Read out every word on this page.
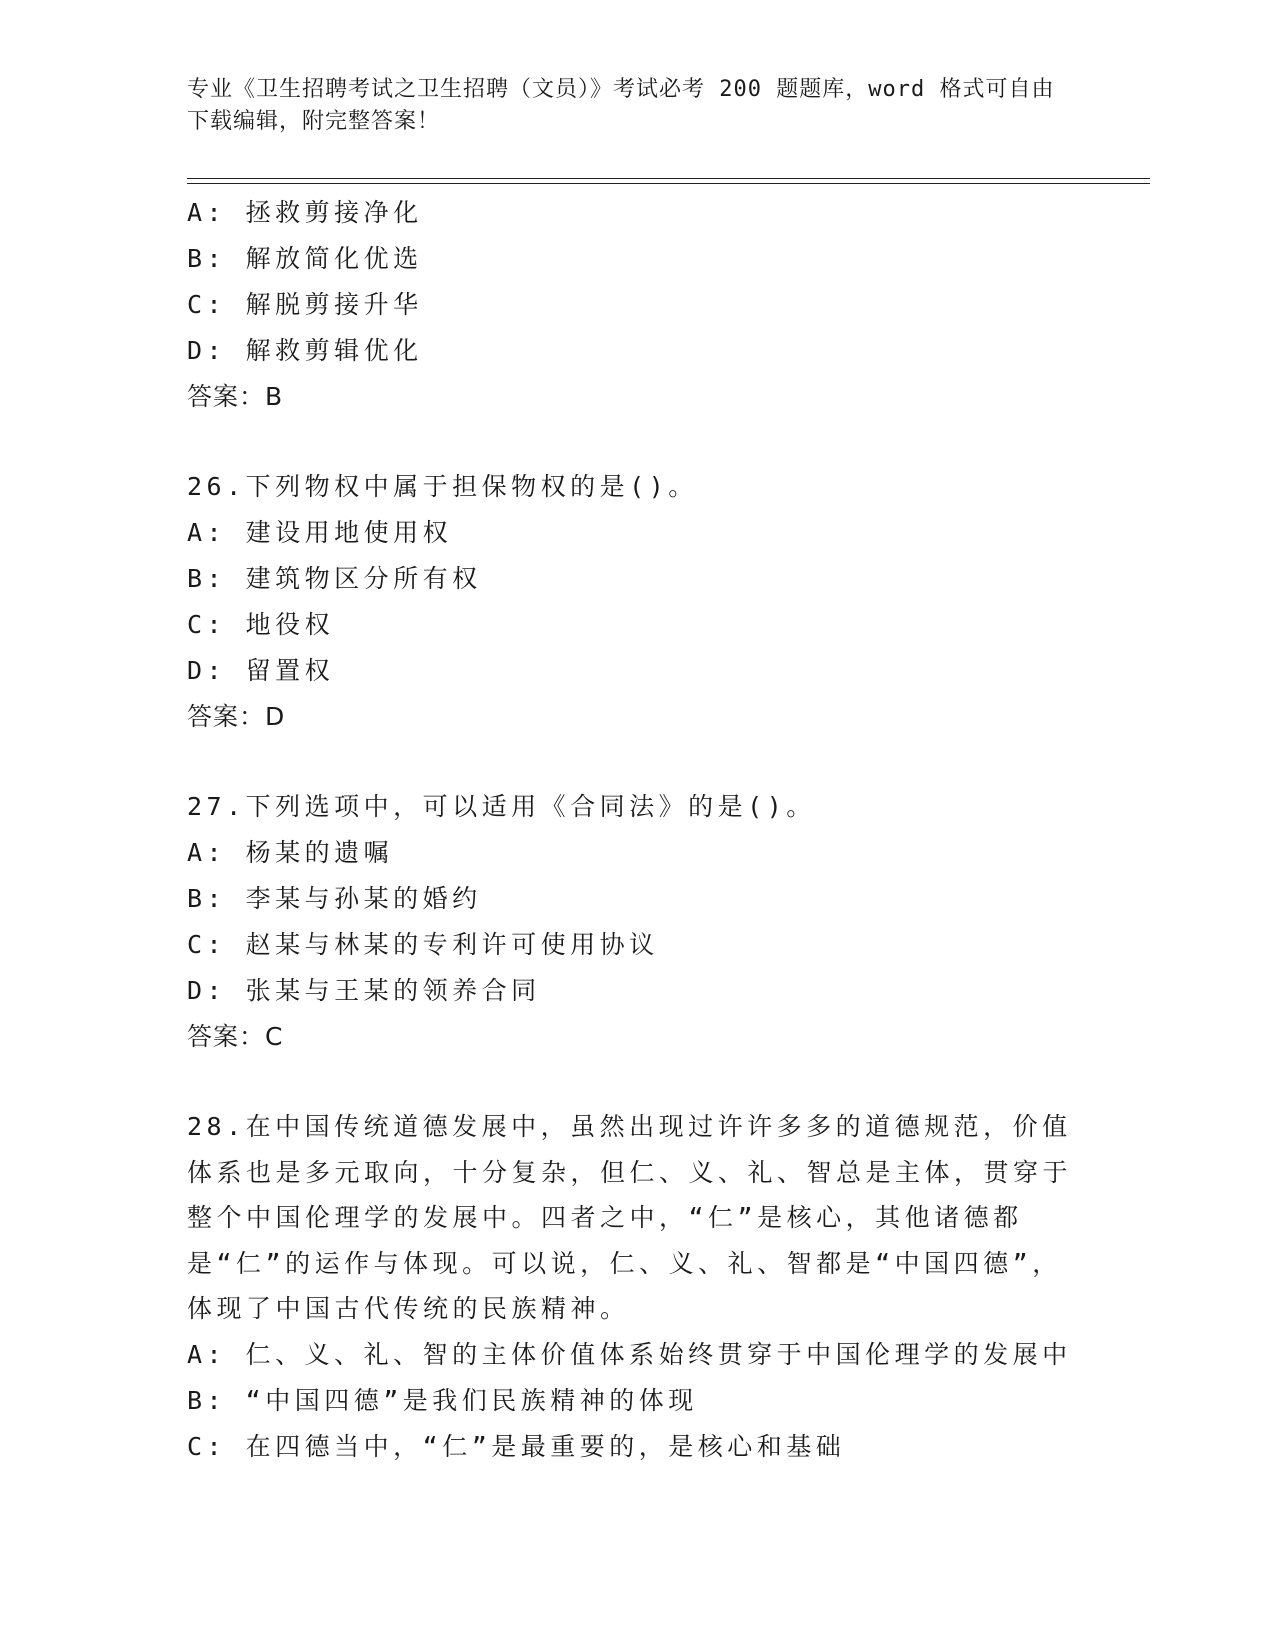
专业《卫生招聘考试之卫生招聘（文员）》考试必考 200 题题库，word 格式可自由下载编辑，附完整答案！
A: 拯救剪接净化
B: 解放简化优选
C: 解脱剪接升华
D: 解救剪辑优化
答案：B
26.下列物权中属于担保物权的是()。
A: 建设用地使用权
B: 建筑物区分所有权
C: 地役权
D: 留置权
答案：D
27.下列选项中，可以适用《合同法》的是()。
A: 杨某的遗嘱
B: 李某与孙某的婚约
C: 赵某与林某的专利许可使用协议
D: 张某与王某的领养合同
答案：C
28.在中国传统道德发展中，虽然出现过许许多多的道德规范，价值体系也是多元取向，十分复杂，但仁、义、礼、智总是主体，贯穿于整个中国伦理学的发展中。四者之中，“仁”是核心，其他诸德都是“仁”的运作与体现。可以说，仁、义、礼、智都是“中国四德”，体现了中国古代传统的民族精神。
A: 仁、义、礼、智的主体价值体系始终贯穿于中国伦理学的发展中
B: “中国四德”是我们民族精神的体现
C: 在四德当中，“仁”是最重要的，是核心和基础
